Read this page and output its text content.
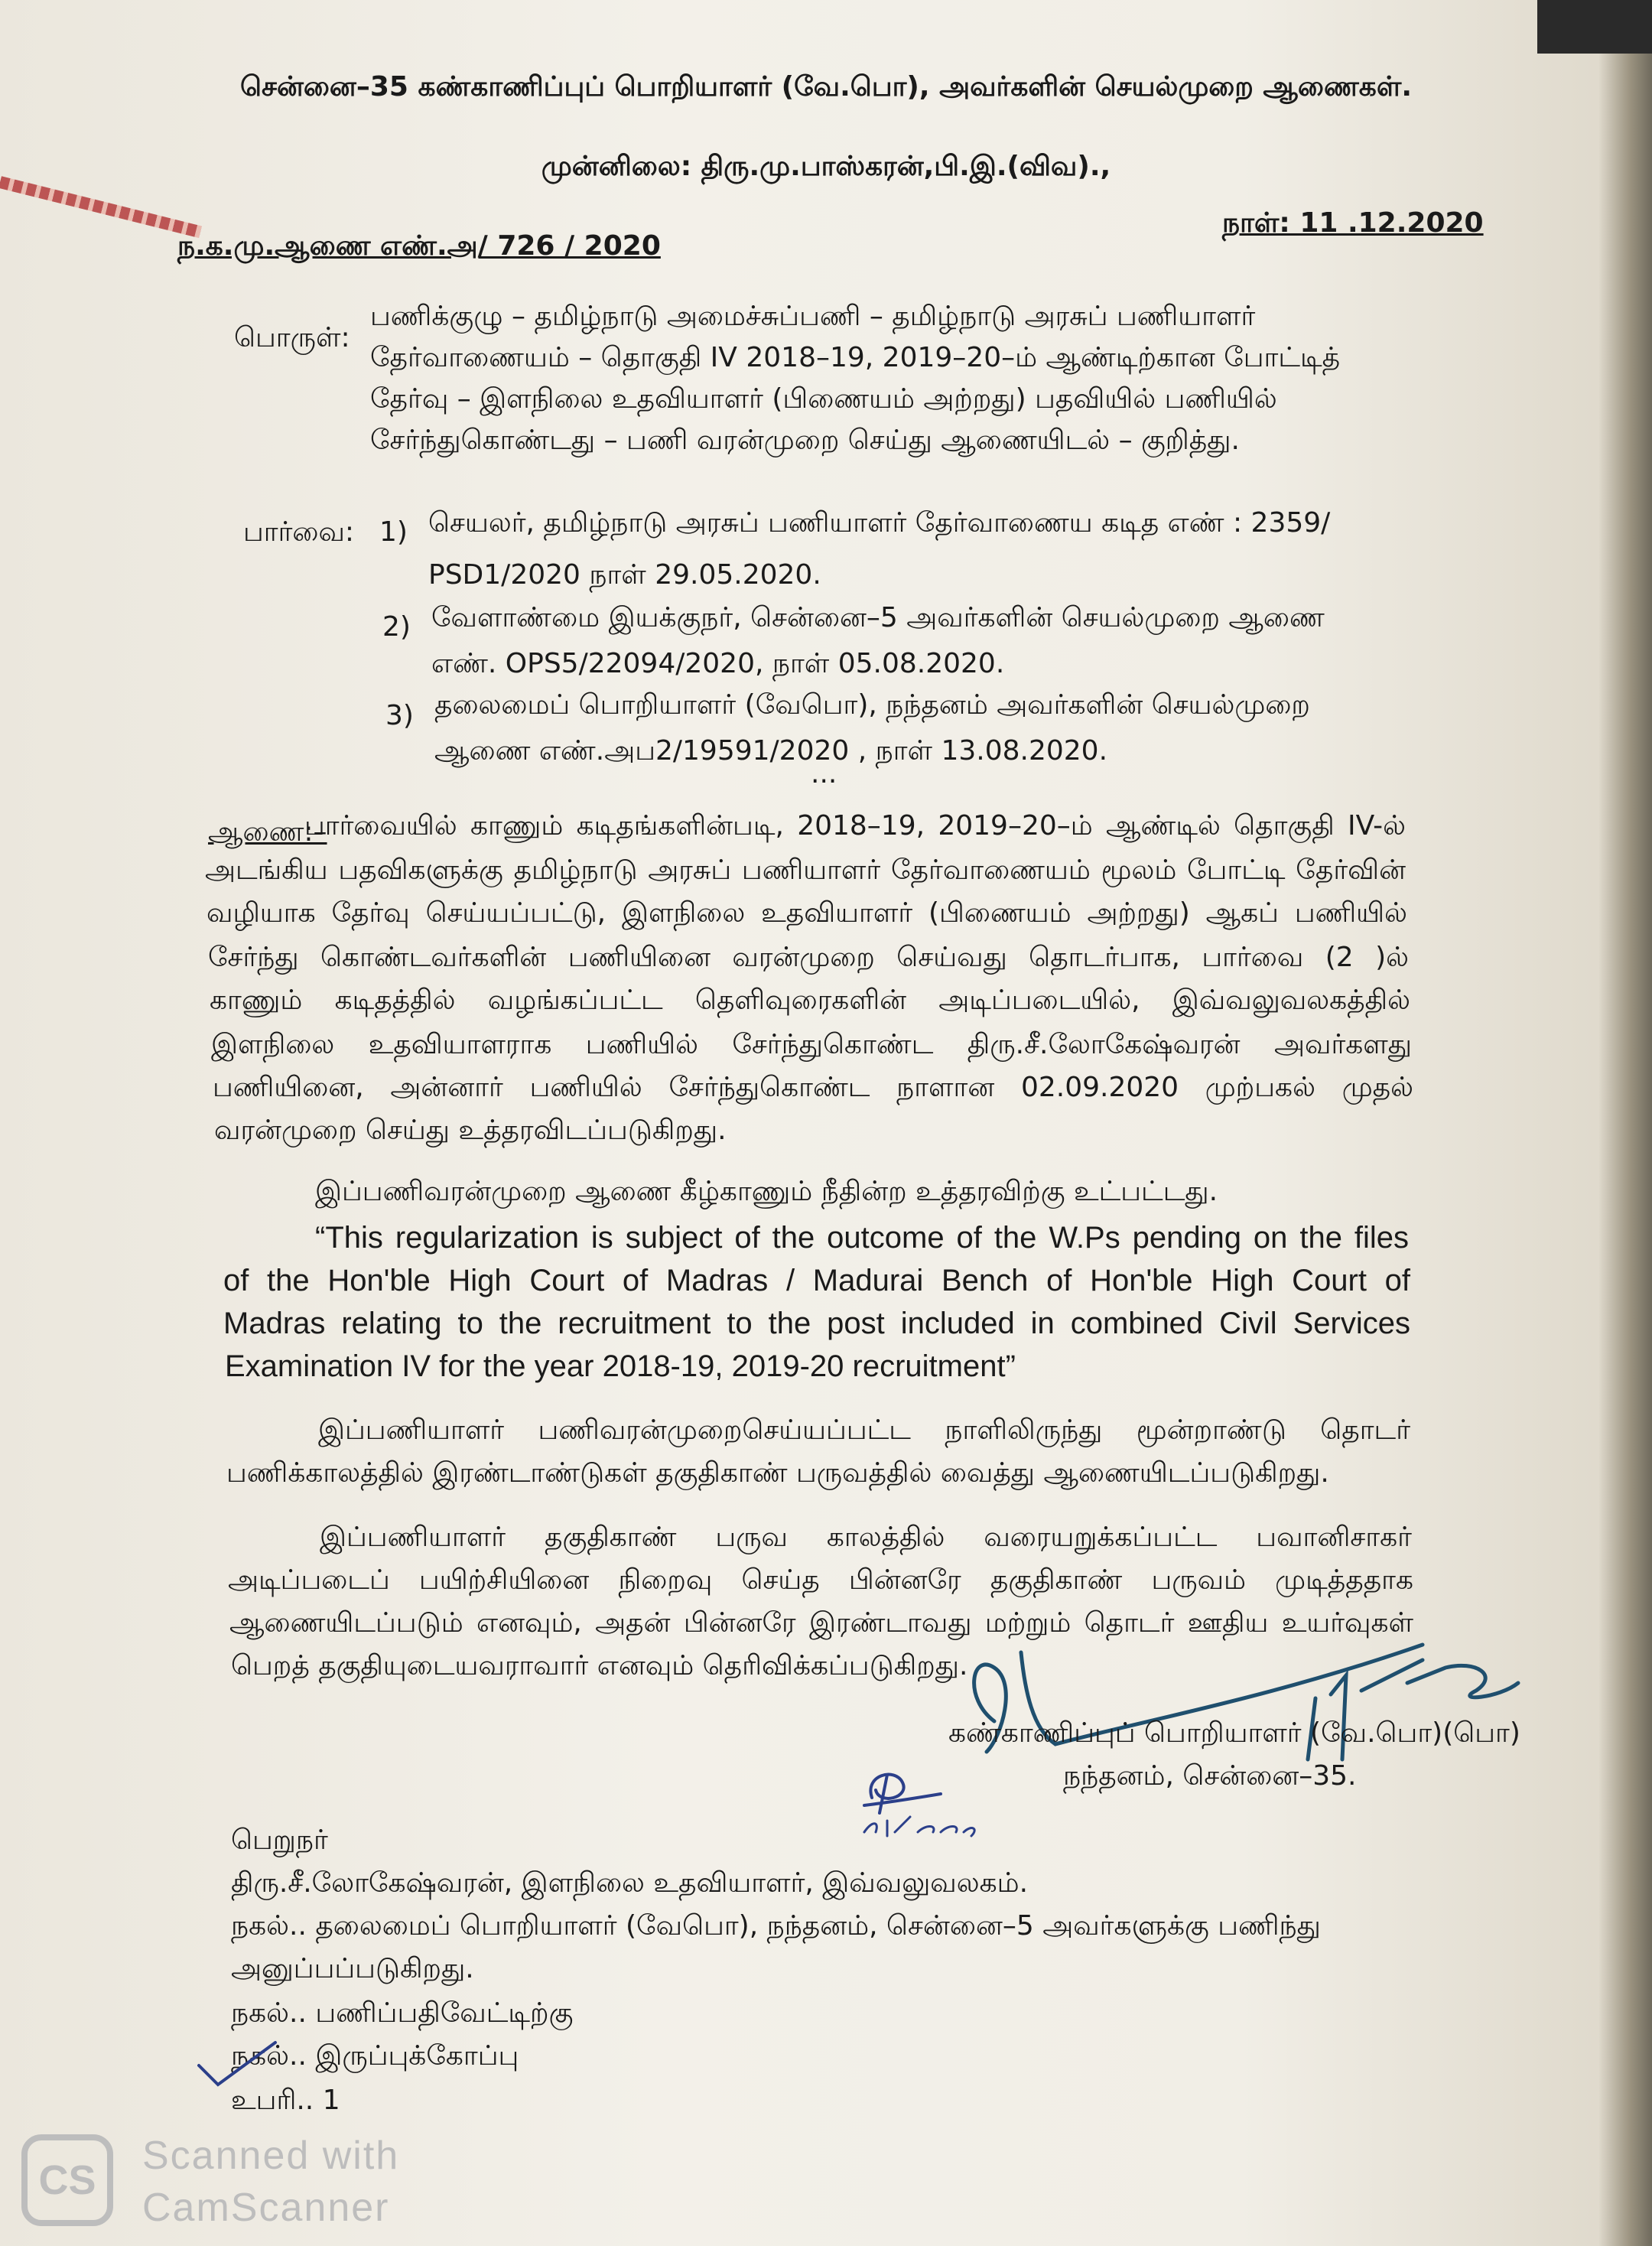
சென்னை–35 கண்காணிப்புப் பொறியாளர் (வே.பொ), அவர்களின் செயல்முறை ஆணைகள்.
முன்னிலை: திரு.மு.பாஸ்கரன்,பி.இ.(விவ).,
ந.க.மு.ஆணை எண்.அ/ 726 / 2020
நாள்: 11 .12.2020
பொருள்:
பணிக்குழு – தமிழ்நாடு அமைச்சுப்பணி – தமிழ்நாடு அரசுப் பணியாளர்
தேர்வாணையம் – தொகுதி IV 2018–19, 2019–20–ம் ஆண்டிற்கான போட்டித்
தேர்வு – இளநிலை உதவியாளர் (பிணையம் அற்றது) பதவியில் பணியில்
சேர்ந்துகொண்டது – பணி வரன்முறை செய்து ஆணையிடல் – குறித்து.
பார்வை: 1) செயலர், தமிழ்நாடு அரசுப் பணியாளர் தேர்வாணைய கடித எண் : 2359/
PSD1/2020 நாள் 29.05.2020.
2) வேளாண்மை இயக்குநர், சென்னை–5 அவர்களின் செயல்முறை ஆணை
எண். OPS5/22094/2020, நாள் 05.08.2020.
3) தலைமைப் பொறியாளர் (வேபொ), நந்தனம் அவர்களின் செயல்முறை
ஆணை எண்.அப2/19591/2020 , நாள் 13.08.2020.
...
ஆணை:–
பார்வையில் காணும் கடிதங்களின்படி, 2018–19, 2019–20–ம் ஆண்டில் தொகுதி IV-ல்
அடங்கிய பதவிகளுக்கு தமிழ்நாடு அரசுப் பணியாளர் தேர்வாணையம் மூலம் போட்டி தேர்வின்
வழியாக தேர்வு செய்யப்பட்டு, இளநிலை உதவியாளர் (பிணையம் அற்றது) ஆகப் பணியில்
சேர்ந்து கொண்டவர்களின் பணியினை வரன்முறை செய்வது தொடர்பாக, பார்வை (2 )ல்
காணும் கடிதத்தில் வழங்கப்பட்ட தெளிவுரைகளின் அடிப்படையில், இவ்வலுவலகத்தில்
இளநிலை உதவியாளராக பணியில் சேர்ந்துகொண்ட திரு.சீ.லோகேஷ்வரன் அவர்களது
பணியினை, அன்னார் பணியில் சேர்ந்துகொண்ட நாளான 02.09.2020 முற்பகல் முதல்
வரன்முறை செய்து உத்தரவிடப்படுகிறது.
இப்பணிவரன்முறை ஆணை கீழ்காணும் நீதின்ற உத்தரவிற்கு உட்பட்டது.
“This regularization is subject of the outcome of the W.Ps pending on the files
of the Hon'ble High Court of Madras / Madurai Bench of Hon'ble High Court of
Madras relating to the recruitment to the post included in combined Civil Services
Examination IV for the year 2018-19, 2019-20 recruitment”
இப்பணியாளர் பணிவரன்முறைசெய்யப்பட்ட நாளிலிருந்து மூன்றாண்டு தொடர்
பணிக்காலத்தில் இரண்டாண்டுகள் தகுதிகாண் பருவத்தில் வைத்து ஆணையிடப்படுகிறது.
இப்பணியாளர் தகுதிகாண் பருவ காலத்தில் வரையறுக்கப்பட்ட பவானிசாகர்
அடிப்படைப் பயிற்சியினை நிறைவு செய்த பின்னரே தகுதிகாண் பருவம் முடித்ததாக
ஆணையிடப்படும் எனவும், அதன் பின்னரே இரண்டாவது மற்றும் தொடர் ஊதிய உயர்வுகள்
பெறத் தகுதியுடையவராவார் எனவும் தெரிவிக்கப்படுகிறது.
கண்காணிப்புப் பொறியாளர் (வே.பொ)(பொ)
நந்தனம், சென்னை–35.
பெறுநர்
திரு.சீ.லோகேஷ்வரன், இளநிலை உதவியாளர், இவ்வலுவலகம்.
நகல்.. தலைமைப் பொறியாளர் (வேபொ), நந்தனம், சென்னை–5 அவர்களுக்கு பணிந்து
அனுப்பப்படுகிறது.
நகல்.. பணிப்பதிவேட்டிற்கு
நகல்.. இருப்புக்கோப்பு
உபரி.. 1
CS
Scanned with
CamScanner
